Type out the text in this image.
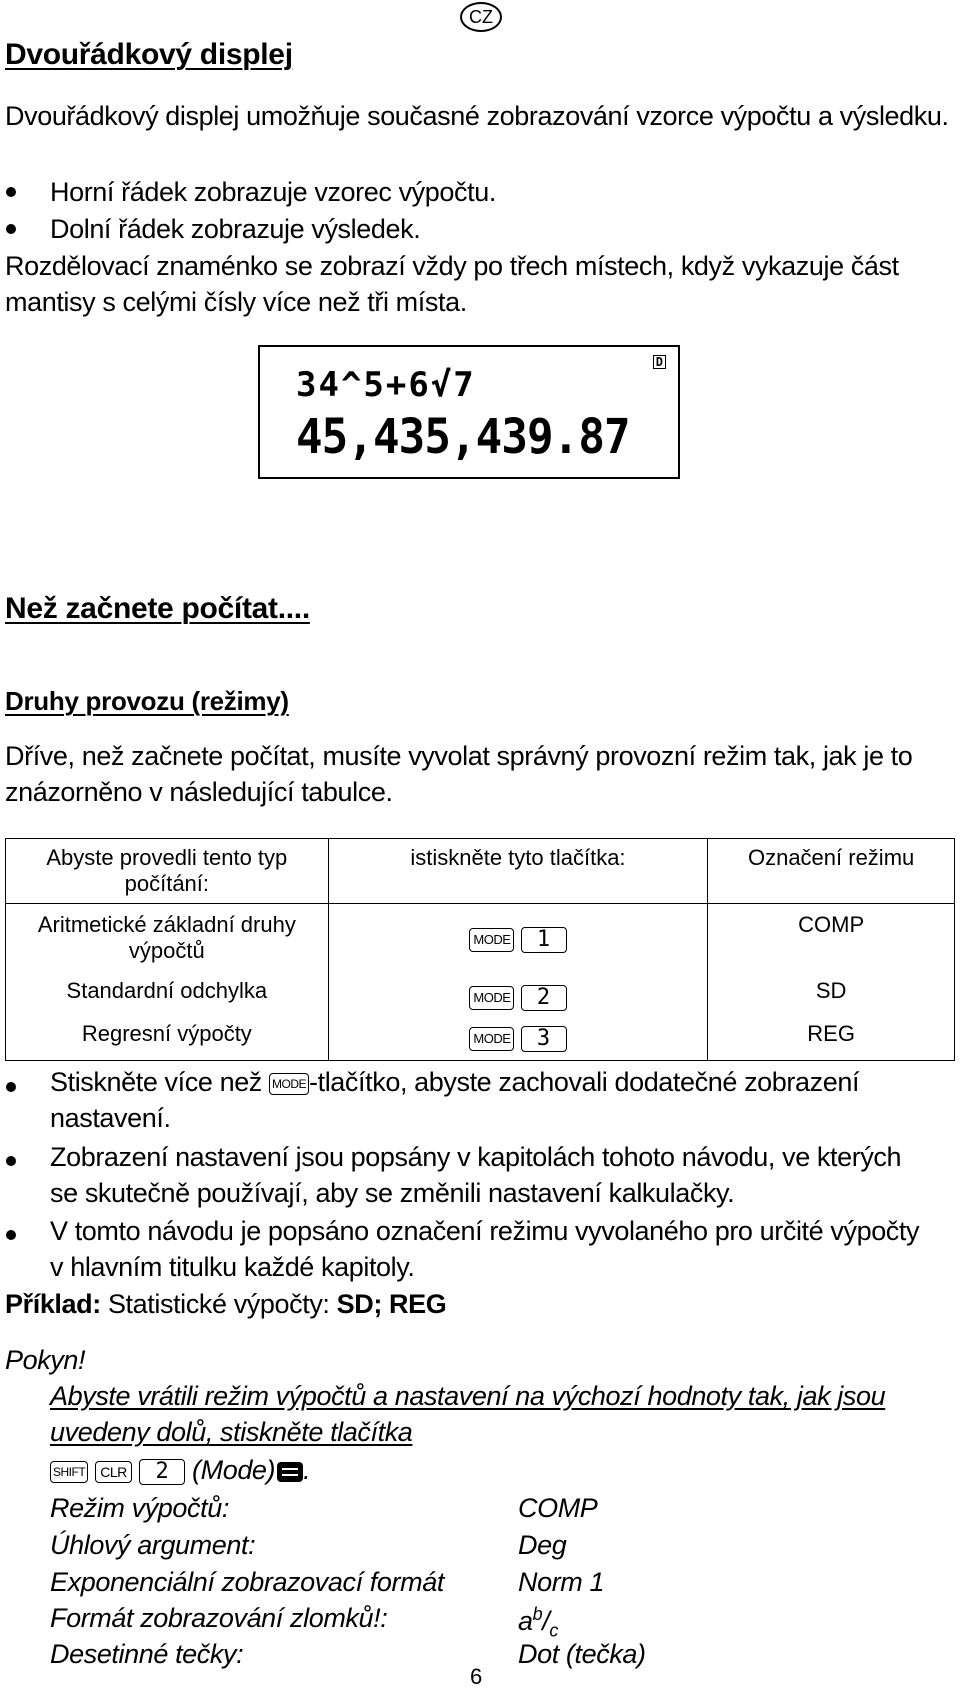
CZ
Dvouřádkový displej
Dvouřádkový displej umožňuje současné zobrazování vzorce výpočtu a výsledku.
Horní řádek zobrazuje vzorec výpočtu.
Dolní řádek zobrazuje výsledek.
Rozdělovací znaménko se zobrazí vždy po třech místech, když vykazuje část mantisy s celými čísly více než tři místa.
D
34^5+6√7
45,435,439.87
Než začnete počítat....
Druhy provozu (režimy)
Dříve, než začnete počítat, musíte vyvolat správný provozní režim tak, jak je to znázorněno v následující tabulce.
Abyste provedli tento typ počítání:	istiskněte tyto tlačítka:	Označení režimu
Aritmetické základní druhy výpočtů	MODE 1	COMP
Standardní odchylka	MODE 2	SD
Regresní výpočty	MODE 3	REG
Stiskněte více než MODE -tlačítko, abyste zachovali dodatečné zobrazení nastavení.
Zobrazení nastavení jsou popsány v kapitolách tohoto návodu, ve kterých se skutečně používají, aby se změnili nastavení kalkulačky.
V tomto návodu je popsáno označení režimu vyvolaného pro určité výpočty v hlavním titulku každé kapitoly.
Příklad: Statistické výpočty: SD; REG
Pokyn!
Abyste vrátili režim výpočtů a nastavení na výchozí hodnoty tak, jak jsou uvedeny dolů, stiskněte tlačítka
SHIFT CLR 2 (Mode) .
Režim výpočtů:	COMP
Úhlový argument:	Deg
Exponenciální zobrazovací formát	Norm 1
Formát zobrazování zlomků!:	$a^b/_c$
Desetinné tečky:	Dot (tečka)
6
